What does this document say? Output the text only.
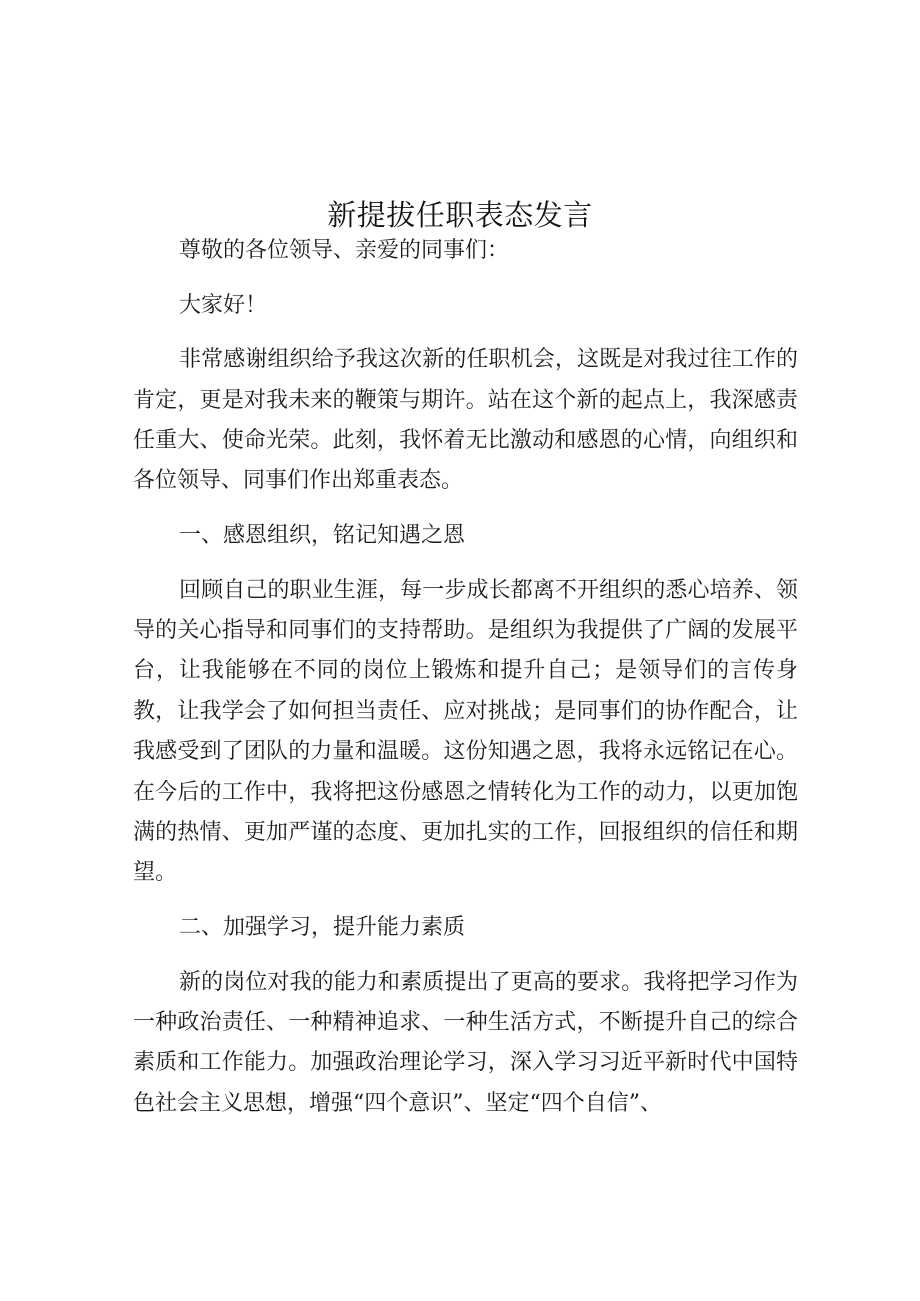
新提拔任职表态发言

尊敬的各位领导、亲爱的同事们：

大家好！

非常感谢组织给予我这次新的任职机会，这既是对我过往工作的肯定，更是对我未来的鞭策与期许。站在这个新的起点上，我深感责任重大、使命光荣。此刻，我怀着无比激动和感恩的心情，向组织和各位领导、同事们作出郑重表态。

一、感恩组织，铭记知遇之恩

回顾自己的职业生涯，每一步成长都离不开组织的悉心培养、领导的关心指导和同事们的支持帮助。是组织为我提供了广阔的发展平台，让我能够在不同的岗位上锻炼和提升自己；是领导们的言传身教，让我学会了如何担当责任、应对挑战；是同事们的协作配合，让我感受到了团队的力量和温暖。这份知遇之恩，我将永远铭记在心。在今后的工作中，我将把这份感恩之情转化为工作的动力，以更加饱满的热情、更加严谨的态度、更加扎实的工作，回报组织的信任和期望。

二、加强学习，提升能力素质

新的岗位对我的能力和素质提出了更高的要求。我将把学习作为一种政治责任、一种精神追求、一种生活方式，不断提升自己的综合素质和工作能力。加强政治理论学习，深入学习习近平新时代中国特色社会主义思想，增强“四个意识”、坚定“四个自信”、
